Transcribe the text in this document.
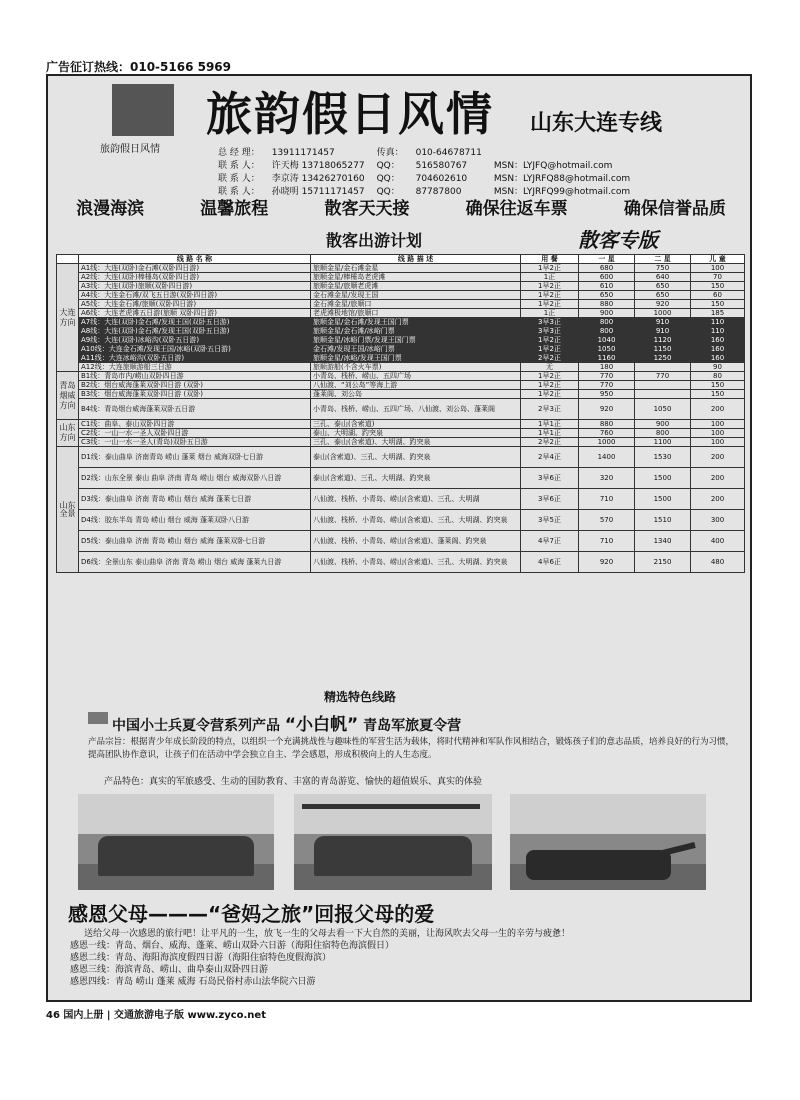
广告征订热线：010-5166 5969
旅韵假日风情
旅韵假日风情 山东大连专线
总 经 理：	13911171457	传真：	010-64678711	
联 系 人：	许天梅 13718065277	QQ：	516580767	MSN：LYJFQ@hotmail.com
联 系 人：	李京涛 13426270160	QQ：	704602610	MSN：LYJRFQ88@hotmail.com
联 系 人：	孙晓明 15711171457	QQ：	87787800	MSN：LYJRFQ99@hotmail.com
浪漫海滨	温馨旅程	散客天天接	确保往返车票	确保信誉品质
散客出游计划	散客专版
	线 路 名 称	线 路 描 述	用 餐	一 星	二 星	儿 童
大连方向	A1线：大连(双卧)金石滩(双卧四日游)	旅顺金星/金石滩金星	1早2正	680	750	100
	A2线：大连(双卧)棒棰岛(双卧四日游)	旅顺金星/棒棰岛老虎滩	1正	600	640	70
	A3线：大连(双卧)旅顺(双卧四日游)	旅顺金星/旅顺老虎滩	1早2正	610	650	150
	A4线：大连金石滩/双飞五日游(双卧四日游)	金石滩金星/发现王国	1早2正	650	650	60
	A5线：大连金石滩/旅顺(双卧四日游)	金石滩金星/旅顺口	1早2正	880	920	150
	A6线：大连老虎滩五日游(旅顺 双卧四日游)	老虎滩极地馆/旅顺口	1正	900	1000	185
	A7线：大连(双卧)金石滩/发现王国(双卧五日游)	旅顺金星/金石滩/发现王国门票	3早3正	800	910	110
	A8线：大连(双卧)金石滩/发现王国(双卧五日游)	旅顺金星/金石滩/冰峪门票	3早3正	800	910	110
	A9线：大连(双卧)冰峪沟(双卧五日游)	旅顺金星/冰峪门票/发现王国门票	1早2正	1040	1120	160
	A10线：大连金石滩/发现王国/冰峪(双卧五日游)	金石滩/发现王国/冰峪门票	1早2正	1050	1150	160
	A11线：大连冰峪沟(双卧五日游)	旅顺金星/冰峪/发现王国门票	2早2正	1160	1250	160
	A12线：大连旅顺游船三日游	旅顺游船(不含火车票)	无	180		90
青岛烟威方向	B1线：青岛市内/崂山双卧四日游	小青岛、栈桥、崂山、五四广场	1早2正	770	770	80
	B2线：烟台威海蓬莱双卧四日游 (双卧)	八仙渡、“刘公岛”等海上游	1早2正	770		150
	B3线：烟台威海蓬莱双卧四日游 (双卧)	蓬莱阁、刘公岛	1早2正	950		150
	B4线：青岛烟台威海蓬莱双卧五日游	小青岛、栈桥、崂山、五四广场、八仙渡、刘公岛、蓬莱阁	2早3正	920	1050	200
山东方向	C1线：曲阜、泰山双卧四日游	三孔、泰山(含索道)	1早1正	880	900	100
	C2线：一山一水一圣人双卧四日游	泰山、大明湖、趵突泉	1早1正	760	800	100
	C3线：一山一水一圣人(青岛)双卧五日游	三孔、泰山(含索道)、大明湖、趵突泉	2早2正	1000	1100	100
山东全景	D1线：泰山曲阜 济南青岛 崂山 蓬莱 烟台 威海双卧七日游	泰山(含索道)、三孔、大明湖、趵突泉	2早4正	1400	1530	200
	D2线：山东全景 泰山 曲阜 济南 青岛 崂山 烟台 威海双卧八日游	泰山(含索道)、三孔、大明湖、趵突泉	3早6正	320	1500	200
	D3线：泰山曲阜 济南 青岛 崂山 烟台 威海 蓬莱七日游	八仙渡、栈桥、小青岛、崂山(含索道)、三孔、大明湖	3早6正	710	1500	200
	D4线：胶东半岛 青岛 崂山 烟台 威海 蓬莱双卧八日游	八仙渡、栈桥、小青岛、崂山(含索道)、三孔、大明湖、趵突泉	3早5正	570	1510	300
	D5线：泰山曲阜 济南 青岛 崂山 烟台 威海 蓬莱双卧七日游	八仙渡、栈桥、小青岛、崂山(含索道)、蓬莱阁、趵突泉	4早7正	710	1340	400
	D6线：全景山东 泰山曲阜 济南 青岛 崂山 烟台 威海 蓬莱九日游	八仙渡、栈桥、小青岛、崂山(含索道)、三孔、大明湖、趵突泉	4早6正	920	2150	480
精选特色线路
中国小士兵夏令营系列产品 “小白帆” 青岛军旅夏令营
产品宗旨：根据青少年成长阶段的特点，以组织一个充满挑战性与趣味性的军营生活为载体，将时代精神和军队作风相结合，锻炼孩子们的意志品质，培养良好的行为习惯，提高团队协作意识，让孩子们在活动中学会独立自主、学会感恩，形成积极向上的人生态度。
产品特色：真实的军旅感受、生动的国防教育、丰富的青岛游览、愉快的超值娱乐、真实的体验
感恩父母———“爸妈之旅”回报父母的爱
送给父母一次感恩的旅行吧！让平凡的一生，放飞一生的父母去看一下大自然的美丽，让海风吹去父母一生的辛劳与疲惫！
感恩一线：青岛、烟台、威海、蓬莱、崂山双卧六日游（海阳住宿特色海滨假日）
感恩二线：青岛、海阳海滨度假四日游（海阳住宿特色度假海滨）
感恩三线：海滨青岛、崂山、曲阜泰山双卧四日游
感恩四线：青岛 崂山 蓬莱 威海 石岛民俗村赤山法华院六日游
46 国内上册 | 交通旅游电子版 www.zyco.net
